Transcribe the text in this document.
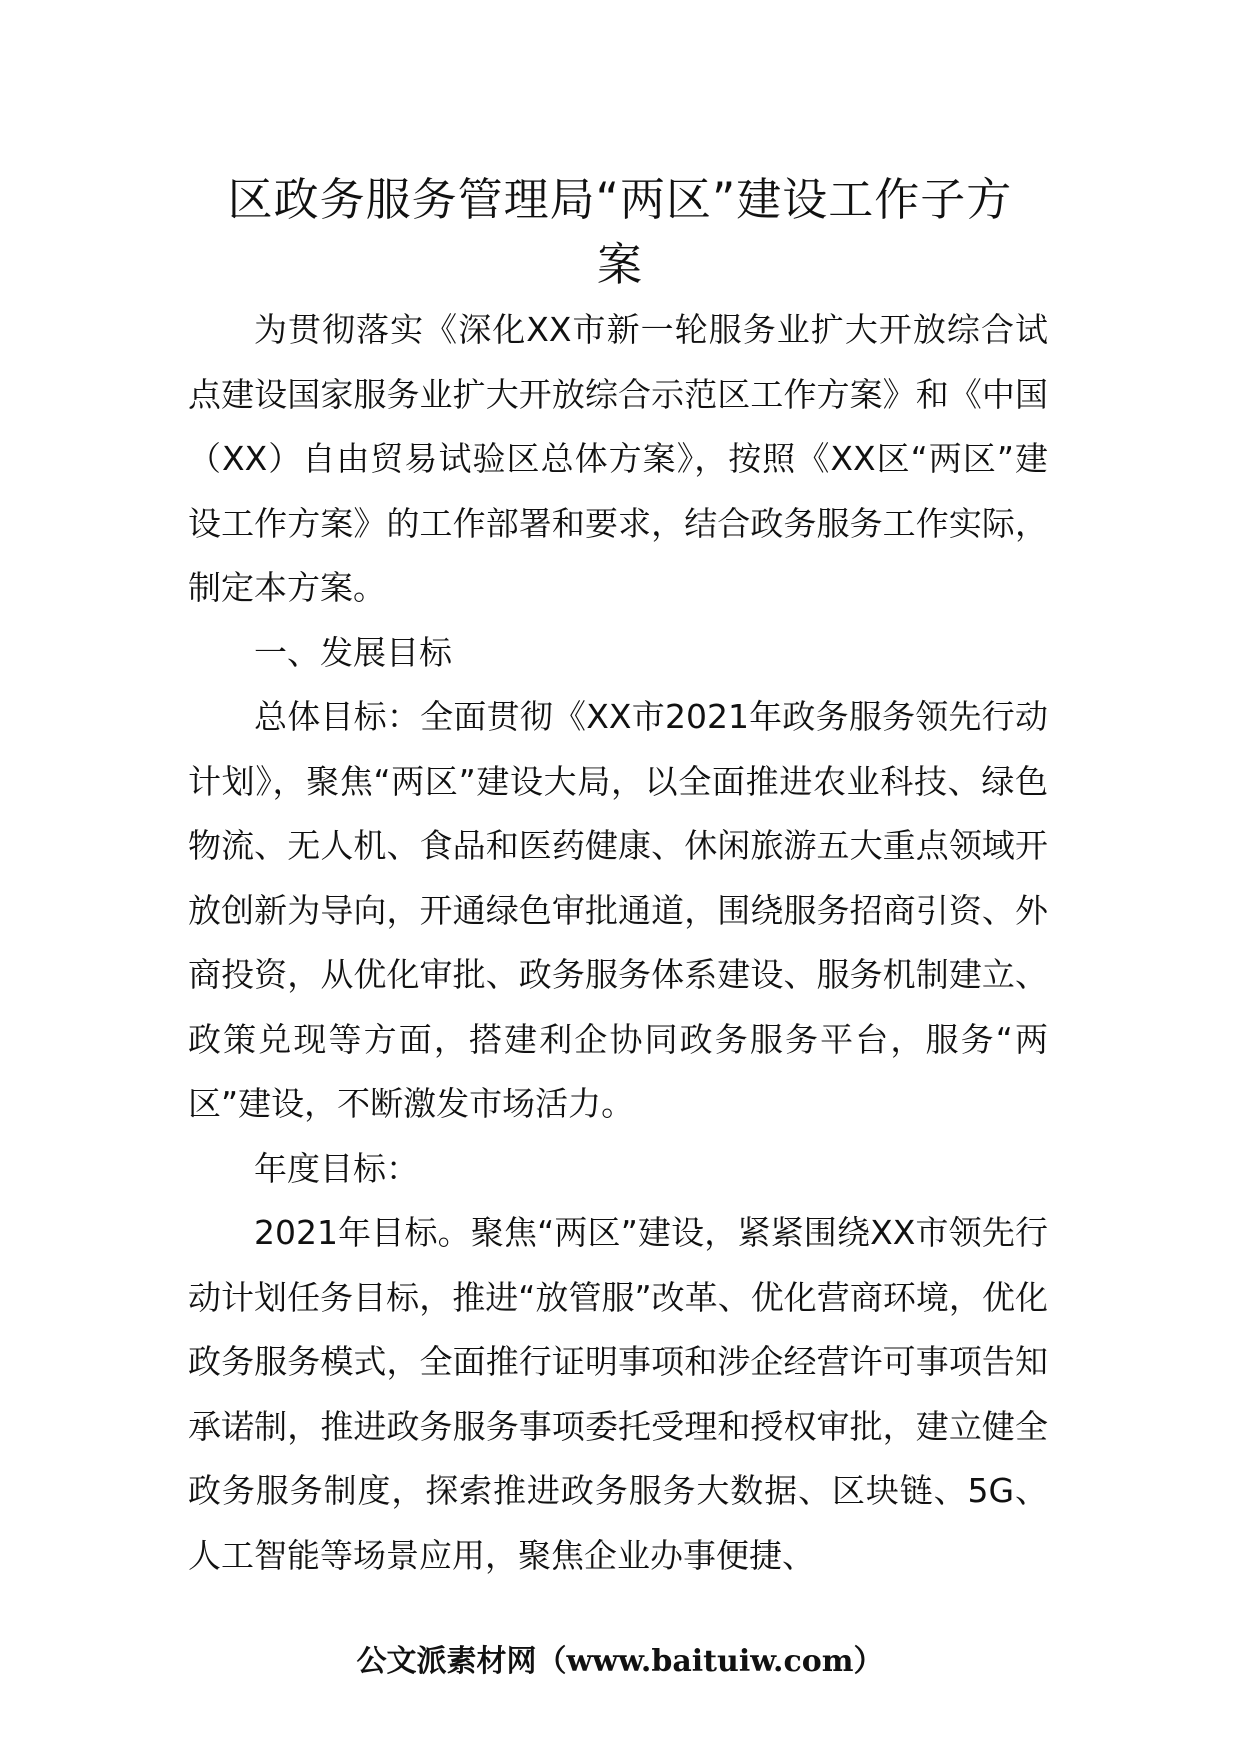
区政务服务管理局“两区”建设工作子方
案

为贯彻落实《深化XX市新一轮服务业扩大开放综合试点建设国家服务业扩大开放综合示范区工作方案》和《中国（XX）自由贸易试验区总体方案》，按照《XX区“两区”建设工作方案》的工作部署和要求，结合政务服务工作实际，制定本方案。

一、发展目标

总体目标：全面贯彻《XX市2021年政务服务领先行动计划》，聚焦“两区”建设大局，以全面推进农业科技、绿色物流、无人机、食品和医药健康、休闲旅游五大重点领域开放创新为导向，开通绿色审批通道，围绕服务招商引资、外商投资，从优化审批、政务服务体系建设、服务机制建立、政策兑现等方面，搭建利企协同政务服务平台，服务“两区”建设，不断激发市场活力。

年度目标：

2021年目标。聚焦“两区”建设，紧紧围绕XX市领先行动计划任务目标，推进“放管服”改革、优化营商环境，优化政务服务模式，全面推行证明事项和涉企经营许可事项告知承诺制，推进政务服务事项委托受理和授权审批，建立健全政务服务制度，探索推进政务服务大数据、区块链、5G、人工智能等场景应用，聚焦企业办事便捷、

公文派素材网（www.baituiw.com）
